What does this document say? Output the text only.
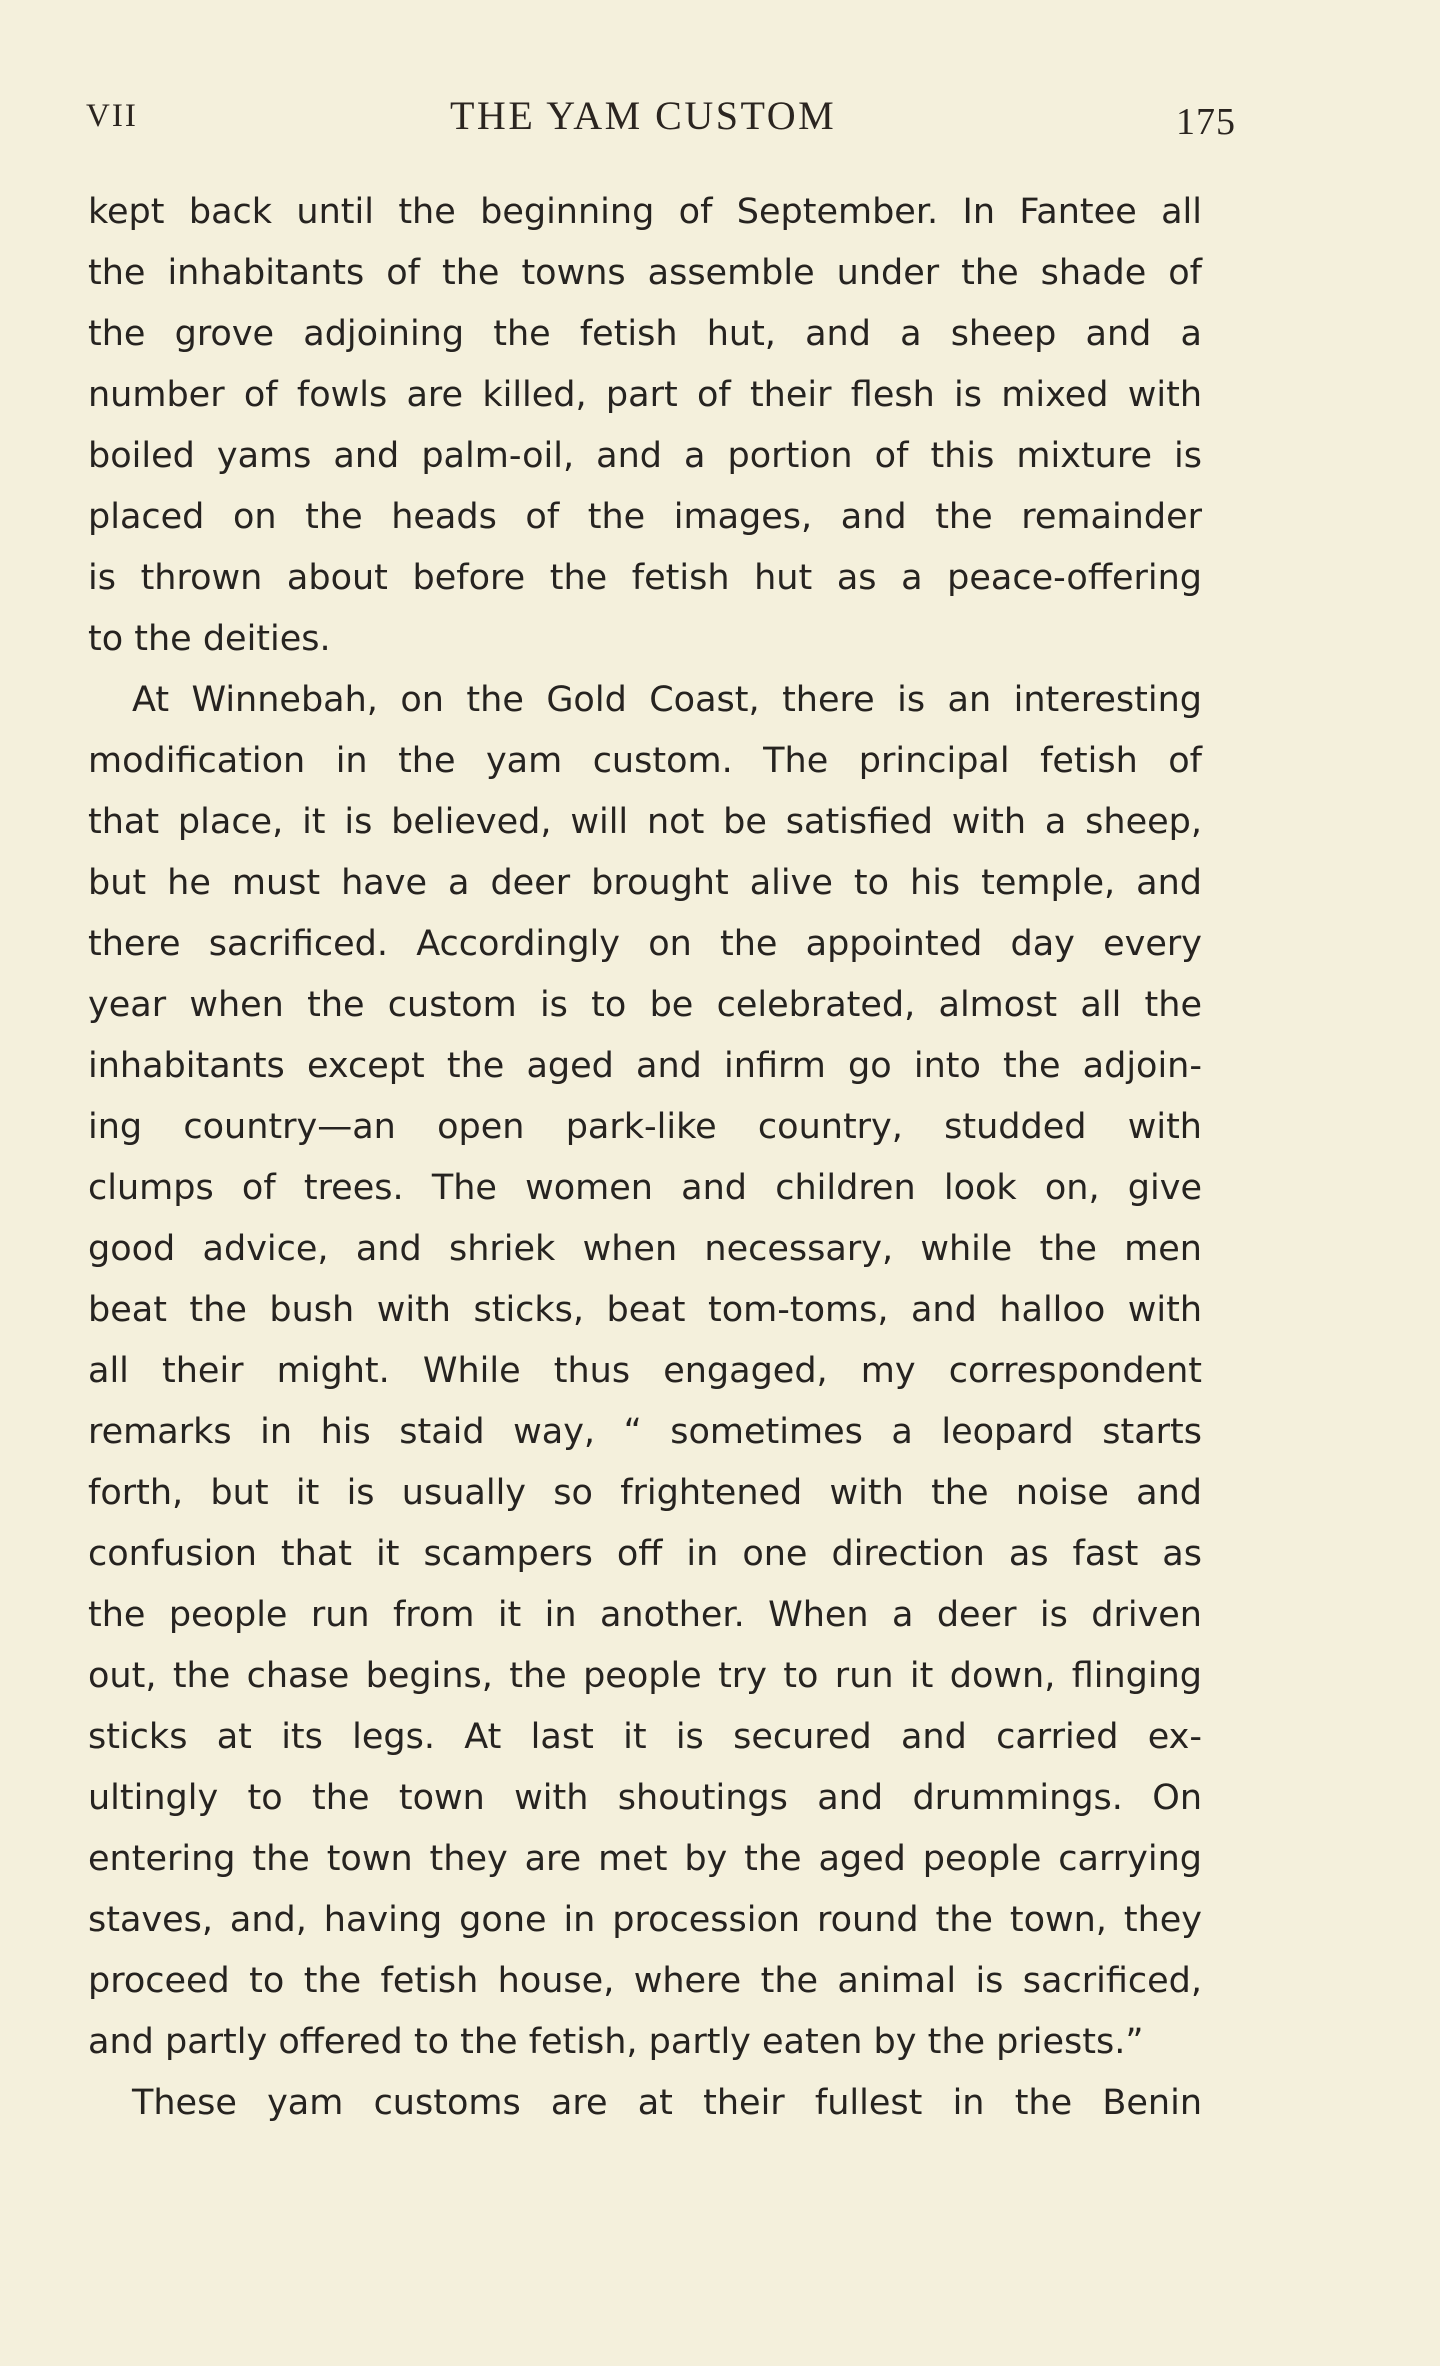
VII	THE YAM CUSTOM	175
kept back until the beginning of September. In Fantee all
the inhabitants of the towns assemble under the shade of
the grove adjoining the fetish hut, and a sheep and a
number of fowls are killed, part of their flesh is mixed with
boiled yams and palm-oil, and a portion of this mixture is
placed on the heads of the images, and the remainder
is thrown about before the fetish hut as a peace-offering
to the deities.
At Winnebah, on the Gold Coast, there is an interesting
modification in the yam custom. The principal fetish of
that place, it is believed, will not be satisfied with a sheep,
but he must have a deer brought alive to his temple, and
there sacrificed. Accordingly on the appointed day every
year when the custom is to be celebrated, almost all the
inhabitants except the aged and infirm go into the adjoin-
ing country—an open park-like country, studded with
clumps of trees. The women and children look on, give
good advice, and shriek when necessary, while the men
beat the bush with sticks, beat tom-toms, and halloo with
all their might. While thus engaged, my correspondent
remarks in his staid way, “ sometimes a leopard starts
forth, but it is usually so frightened with the noise and
confusion that it scampers off in one direction as fast as
the people run from it in another. When a deer is driven
out, the chase begins, the people try to run it down, flinging
sticks at its legs. At last it is secured and carried ex-
ultingly to the town with shoutings and drummings. On
entering the town they are met by the aged people carrying
staves, and, having gone in procession round the town, they
proceed to the fetish house, where the animal is sacrificed,
and partly offered to the fetish, partly eaten by the priests.”
These yam customs are at their fullest in the Benin
